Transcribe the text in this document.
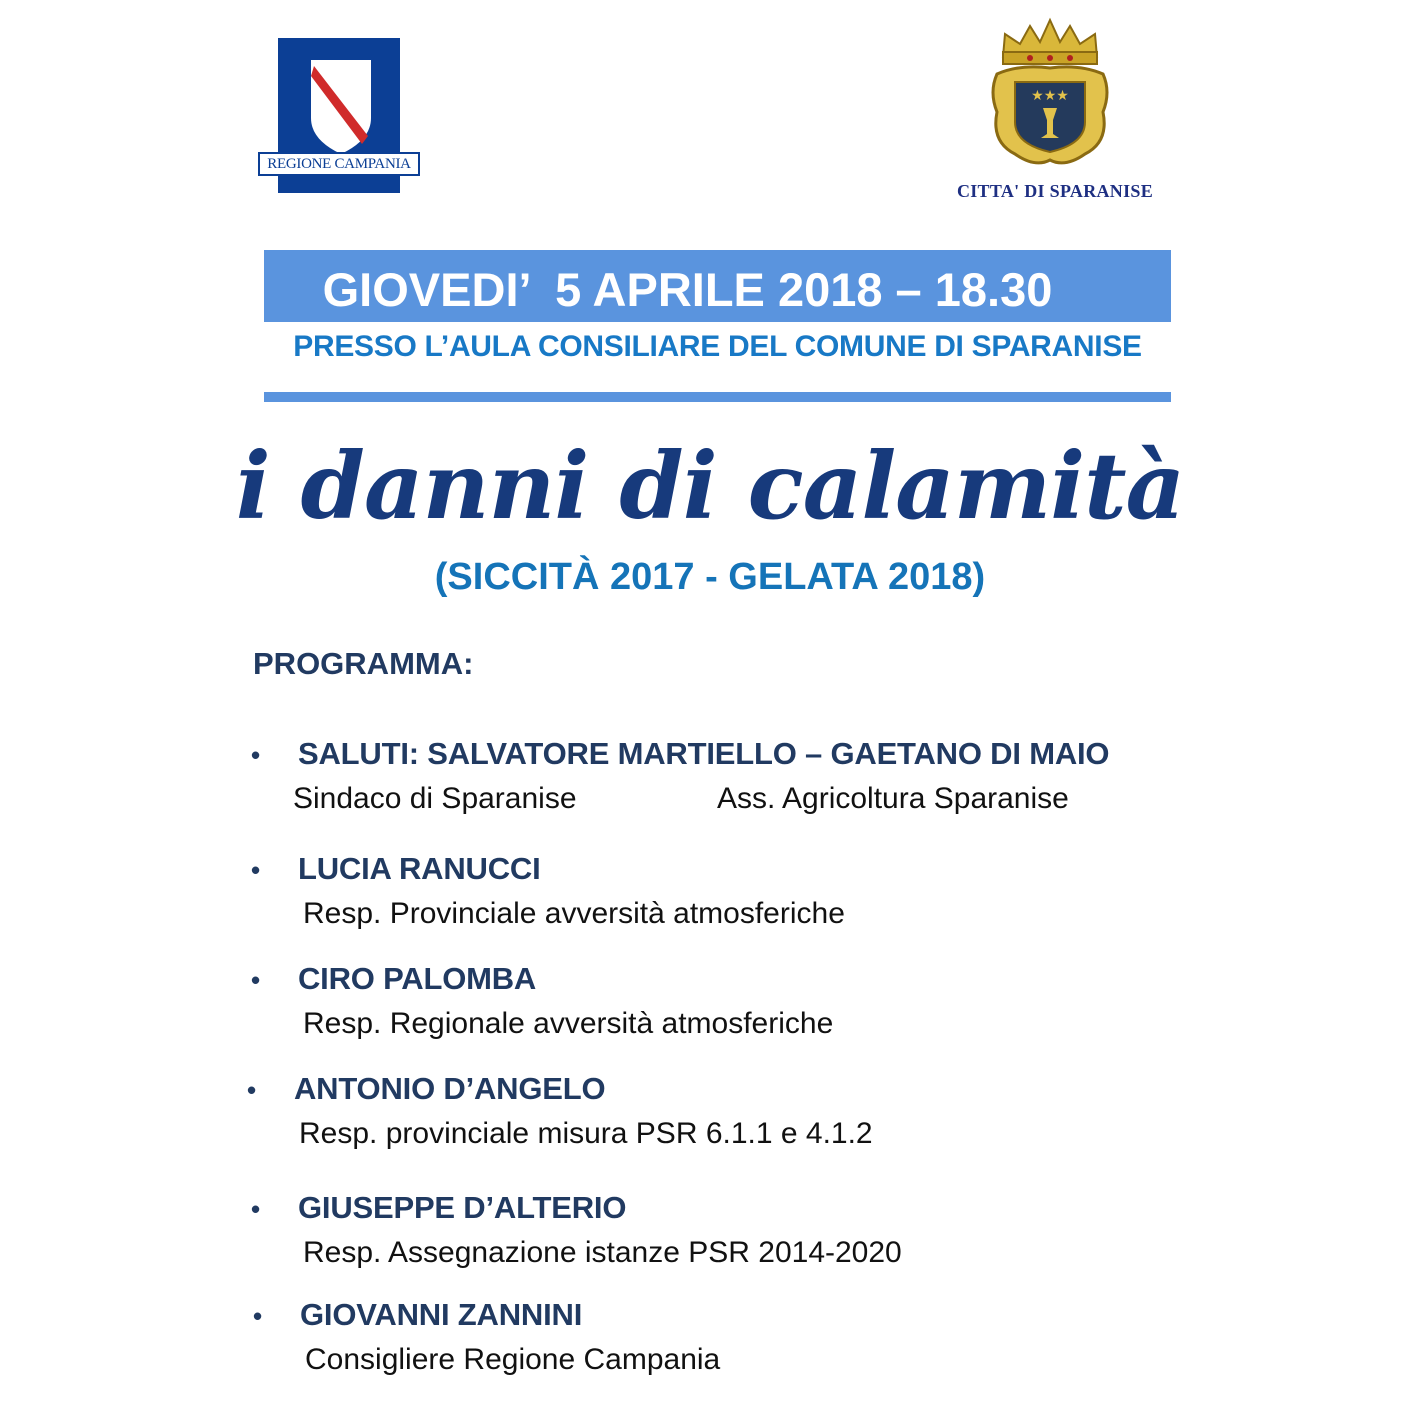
REGIONE CAMPANIA
★★★
CITTA' DI SPARANISE
GIOVEDI’  5 APRILE 2018 – 18.30
PRESSO L’AULA CONSILIARE DEL COMUNE DI SPARANISE
i danni di calamità
(SICCITÀ 2017 - GELATA 2018)
PROGRAMMA:
• SALUTI: SALVATORE MARTIELLO – GAETANO DI MAIO
Sindaco di Sparanise	Ass. Agricoltura Sparanise
• LUCIA RANUCCI
Resp. Provinciale avversità atmosferiche
• CIRO PALOMBA
Resp. Regionale avversità atmosferiche
• ANTONIO D’ANGELO
Resp. provinciale misura PSR 6.1.1 e 4.1.2
• GIUSEPPE D’ALTERIO
Resp. Assegnazione istanze PSR 2014-2020
• GIOVANNI ZANNINI
Consigliere Regione Campania
